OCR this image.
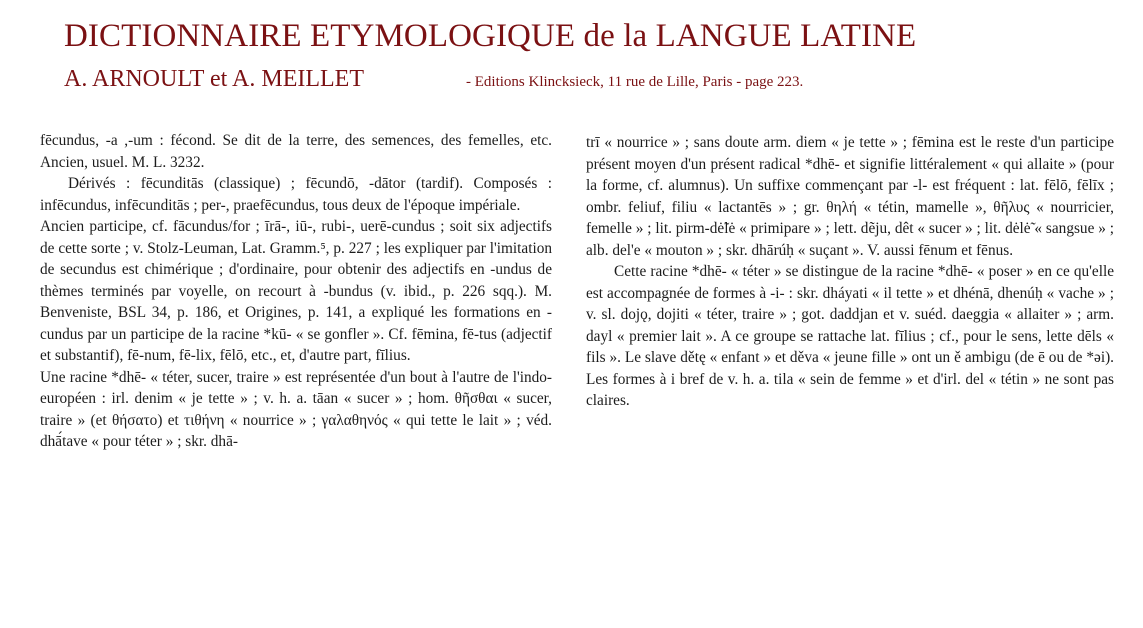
DICTIONNAIRE ETYMOLOGIQUE de la LANGUE LATINE
A. ARNOULT et A. MEILLET	- Editions Klincksieck, 11 rue de Lille, Paris - page 223.

fēcundus, -a ,-um : fécond. Se dit de la terre, des semences, des femelles, etc. Ancien, usuel. M. L. 3232.

Dérivés : fēcunditās (classique) ; fēcundō, -dātor (tardif). Composés : infēcundus, infēcunditās ; per-, praefēcundus, tous deux de l'époque impériale.

Ancien participe, cf. fācundus/for ; īrā-, iū-, rubi-, uerē-cundus ; soit six adjectifs de cette sorte ; v. Stolz-Leuman, Lat. Gramm.⁵, p. 227 ; les expliquer par l'imitation de secundus est chimérique ; d'ordinaire, pour obtenir des adjectifs en -undus de thèmes terminés par voyelle, on recourt à -bundus (v. ibid., p. 226 sqq.). M. Benveniste, BSL 34, p. 186, et Origines, p. 141, a expliqué les formations en -cundus par un participe de la racine *kū- « se gonfler ». Cf. fēmina, fē-tus (adjectif et substantif), fē-num, fē-lix, fēlō, etc., et, d'autre part, fīlius.

Une racine *dhē- « téter, sucer, traire » est représentée d'un bout à l'autre de l'indo-européen : irl. denim « je tette » ; v. h. a. tāan « sucer » ; hom. θῆσθαι « sucer, traire » (et θήσατο) et τιθήνη « nourrice » ; γαλαθηνός « qui tette le lait » ; véd. dhā́tave « pour téter » ; skr. dhā-

trī « nourrice » ; sans doute arm. diem « je tette » ; fēmina est le reste d'un participe présent moyen d'un présent radical *dhē- et signifie littéralement « qui allaite » (pour la forme, cf. alumnus). Un suffixe commençant par -l- est fréquent : lat. fēlō, fēlīx ; ombr. feliuf, filiu « lactantēs » ; gr. θηλή « tétin, mamelle », θῆλυς « nourricier, femelle » ; lit. pirm-dė̃lė « primipare » ; lett. dẽju, dêt « sucer » ; lit. dėlė̃ « sangsue » ; alb. del'e « mouton » ; skr. dhārúḥ « suçant ». V. aussi fēnum et fēnus.

Cette racine *dhē- « téter » se distingue de la racine *dhē- « poser » en ce qu'elle est accompagnée de formes à -i- : skr. dháyati « il tette » et dhénā, dhenúḥ « vache » ; v. sl. dojǫ, dojiti « téter, traire » ; got. daddjan et v. suéd. daeggia « allaiter » ; arm. dayl « premier lait ». A ce groupe se rattache lat. fīlius ; cf., pour le sens, lette dēls « fils ». Le slave dětę « enfant » et děva « jeune fille » ont un ě ambigu (de ē ou de *əi). Les formes à i bref de v. h. a. tila « sein de femme » et d'irl. del « tétin » ne sont pas claires.
